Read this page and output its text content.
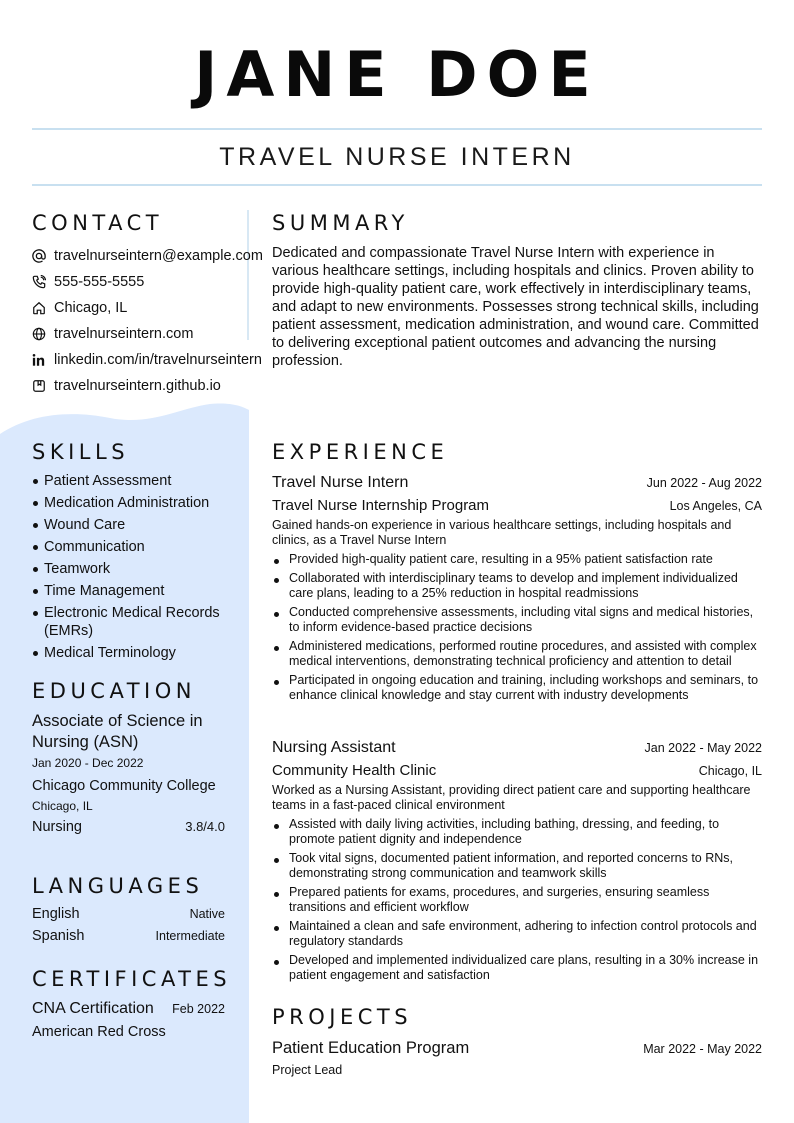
JANE DOE
TRAVEL NURSE INTERN
CONTACT
travelnurseintern@example.com
555-555-5555
Chicago, IL
travelnurseintern.com
linkedin.com/in/travelnurseintern
travelnurseintern.github.io
SUMMARY
Dedicated and compassionate Travel Nurse Intern with experience in various healthcare settings, including hospitals and clinics. Proven ability to provide high-quality patient care, work effectively in interdisciplinary teams, and adapt to new environments. Possesses strong technical skills, including patient assessment, medication administration, and wound care. Committed to delivering exceptional patient outcomes and advancing the nursing profession.
SKILLS
Patient Assessment
Medication Administration
Wound Care
Communication
Teamwork
Time Management
Electronic Medical Records (EMRs)
Medical Terminology
EDUCATION
Associate of Science in Nursing (ASN)
Jan 2020 - Dec 2022
Chicago Community College
Chicago, IL
Nursing	3.8/4.0
LANGUAGES
English	Native
Spanish	Intermediate
CERTIFICATES
CNA Certification Feb 2022
American Red Cross
EXPERIENCE
Travel Nurse Intern	Jun 2022 - Aug 2022
Travel Nurse Internship Program	Los Angeles, CA
Gained hands-on experience in various healthcare settings, including hospitals and clinics, as a Travel Nurse Intern
Provided high-quality patient care, resulting in a 95% patient satisfaction rate
Collaborated with interdisciplinary teams to develop and implement individualized care plans, leading to a 25% reduction in hospital readmissions
Conducted comprehensive assessments, including vital signs and medical histories, to inform evidence-based practice decisions
Administered medications, performed routine procedures, and assisted with complex medical interventions, demonstrating technical proficiency and attention to detail
Participated in ongoing education and training, including workshops and seminars, to enhance clinical knowledge and stay current with industry developments
Nursing Assistant	Jan 2022 - May 2022
Community Health Clinic	Chicago, IL
Worked as a Nursing Assistant, providing direct patient care and supporting healthcare teams in a fast-paced clinical environment
Assisted with daily living activities, including bathing, dressing, and feeding, to promote patient dignity and independence
Took vital signs, documented patient information, and reported concerns to RNs, demonstrating strong communication and teamwork skills
Prepared patients for exams, procedures, and surgeries, ensuring seamless transitions and efficient workflow
Maintained a clean and safe environment, adhering to infection control protocols and regulatory standards
Developed and implemented individualized care plans, resulting in a 30% increase in patient engagement and satisfaction
PROJECTS
Patient Education Program	Mar 2022 - May 2022
Project Lead
